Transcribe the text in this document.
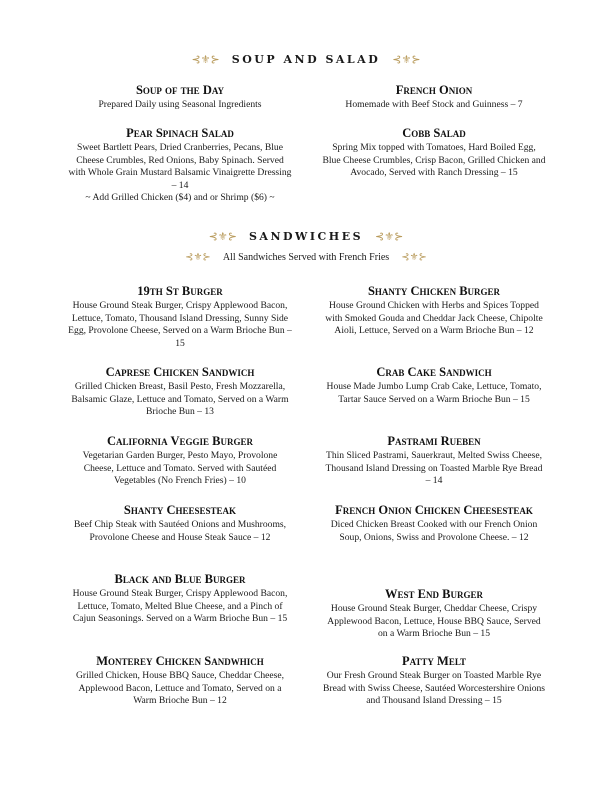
⊰⚜⊱ SOUP AND SALAD ⊰⚜⊱
Soup of the Day
Prepared Daily using Seasonal Ingredients
French Onion
Homemade with Beef Stock and Guinness – 7
Pear Spinach Salad
Sweet Bartlett Pears, Dried Cranberries, Pecans, Blue Cheese Crumbles, Red Onions, Baby Spinach. Served with Whole Grain Mustard Balsamic Vinaigrette Dressing – 14
~ Add Grilled Chicken ($4) and or Shrimp ($6) ~
Cobb Salad
Spring Mix topped with Tomatoes, Hard Boiled Egg, Blue Cheese Crumbles, Crisp Bacon, Grilled Chicken and Avocado, Served with Ranch Dressing – 15
⊰⚜⊱ SANDWICHES ⊰⚜⊱
⊰⚜⊱ All Sandwiches Served with French Fries ⊰⚜⊱
19th St Burger
House Ground Steak Burger, Crispy Applewood Bacon, Lettuce, Tomato, Thousand Island Dressing, Sunny Side Egg, Provolone Cheese, Served on a Warm Brioche Bun – 15
Shanty Chicken Burger
House Ground Chicken with Herbs and Spices Topped with Smoked Gouda and Cheddar Jack Cheese, Chipolte Aioli, Lettuce, Served on a Warm Brioche Bun – 12
Caprese Chicken Sandwich
Grilled Chicken Breast, Basil Pesto, Fresh Mozzarella, Balsamic Glaze, Lettuce and Tomato, Served on a Warm Brioche Bun – 13
Crab Cake Sandwich
House Made Jumbo Lump Crab Cake, Lettuce, Tomato, Tartar Sauce Served on a Warm Brioche Bun – 15
California Veggie Burger
Vegetarian Garden Burger, Pesto Mayo, Provolone Cheese, Lettuce and Tomato. Served with Sautéed Vegetables (No French Fries) – 10
Pastrami Rueben
Thin Sliced Pastrami, Sauerkraut, Melted Swiss Cheese, Thousand Island Dressing on Toasted Marble Rye Bread – 14
Shanty Cheesesteak
Beef Chip Steak with Sautéed Onions and Mushrooms, Provolone Cheese and House Steak Sauce – 12
French Onion Chicken Cheesesteak
Diced Chicken Breast Cooked with our French Onion Soup, Onions, Swiss and Provolone Cheese. – 12
Black and Blue Burger
House Ground Steak Burger, Crispy Applewood Bacon, Lettuce, Tomato, Melted Blue Cheese, and a Pinch of Cajun Seasonings. Served on a Warm Brioche Bun – 15
West End Burger
House Ground Steak Burger, Cheddar Cheese, Crispy Applewood Bacon, Lettuce, House BBQ Sauce, Served on a Warm Brioche Bun – 15
Monterey Chicken Sandwhich
Grilled Chicken, House BBQ Sauce, Cheddar Cheese, Applewood Bacon, Lettuce and Tomato, Served on a Warm Brioche Bun – 12
Patty Melt
Our Fresh Ground Steak Burger on Toasted Marble Rye Bread with Swiss Cheese, Sautéed Worcestershire Onions and Thousand Island Dressing – 15
